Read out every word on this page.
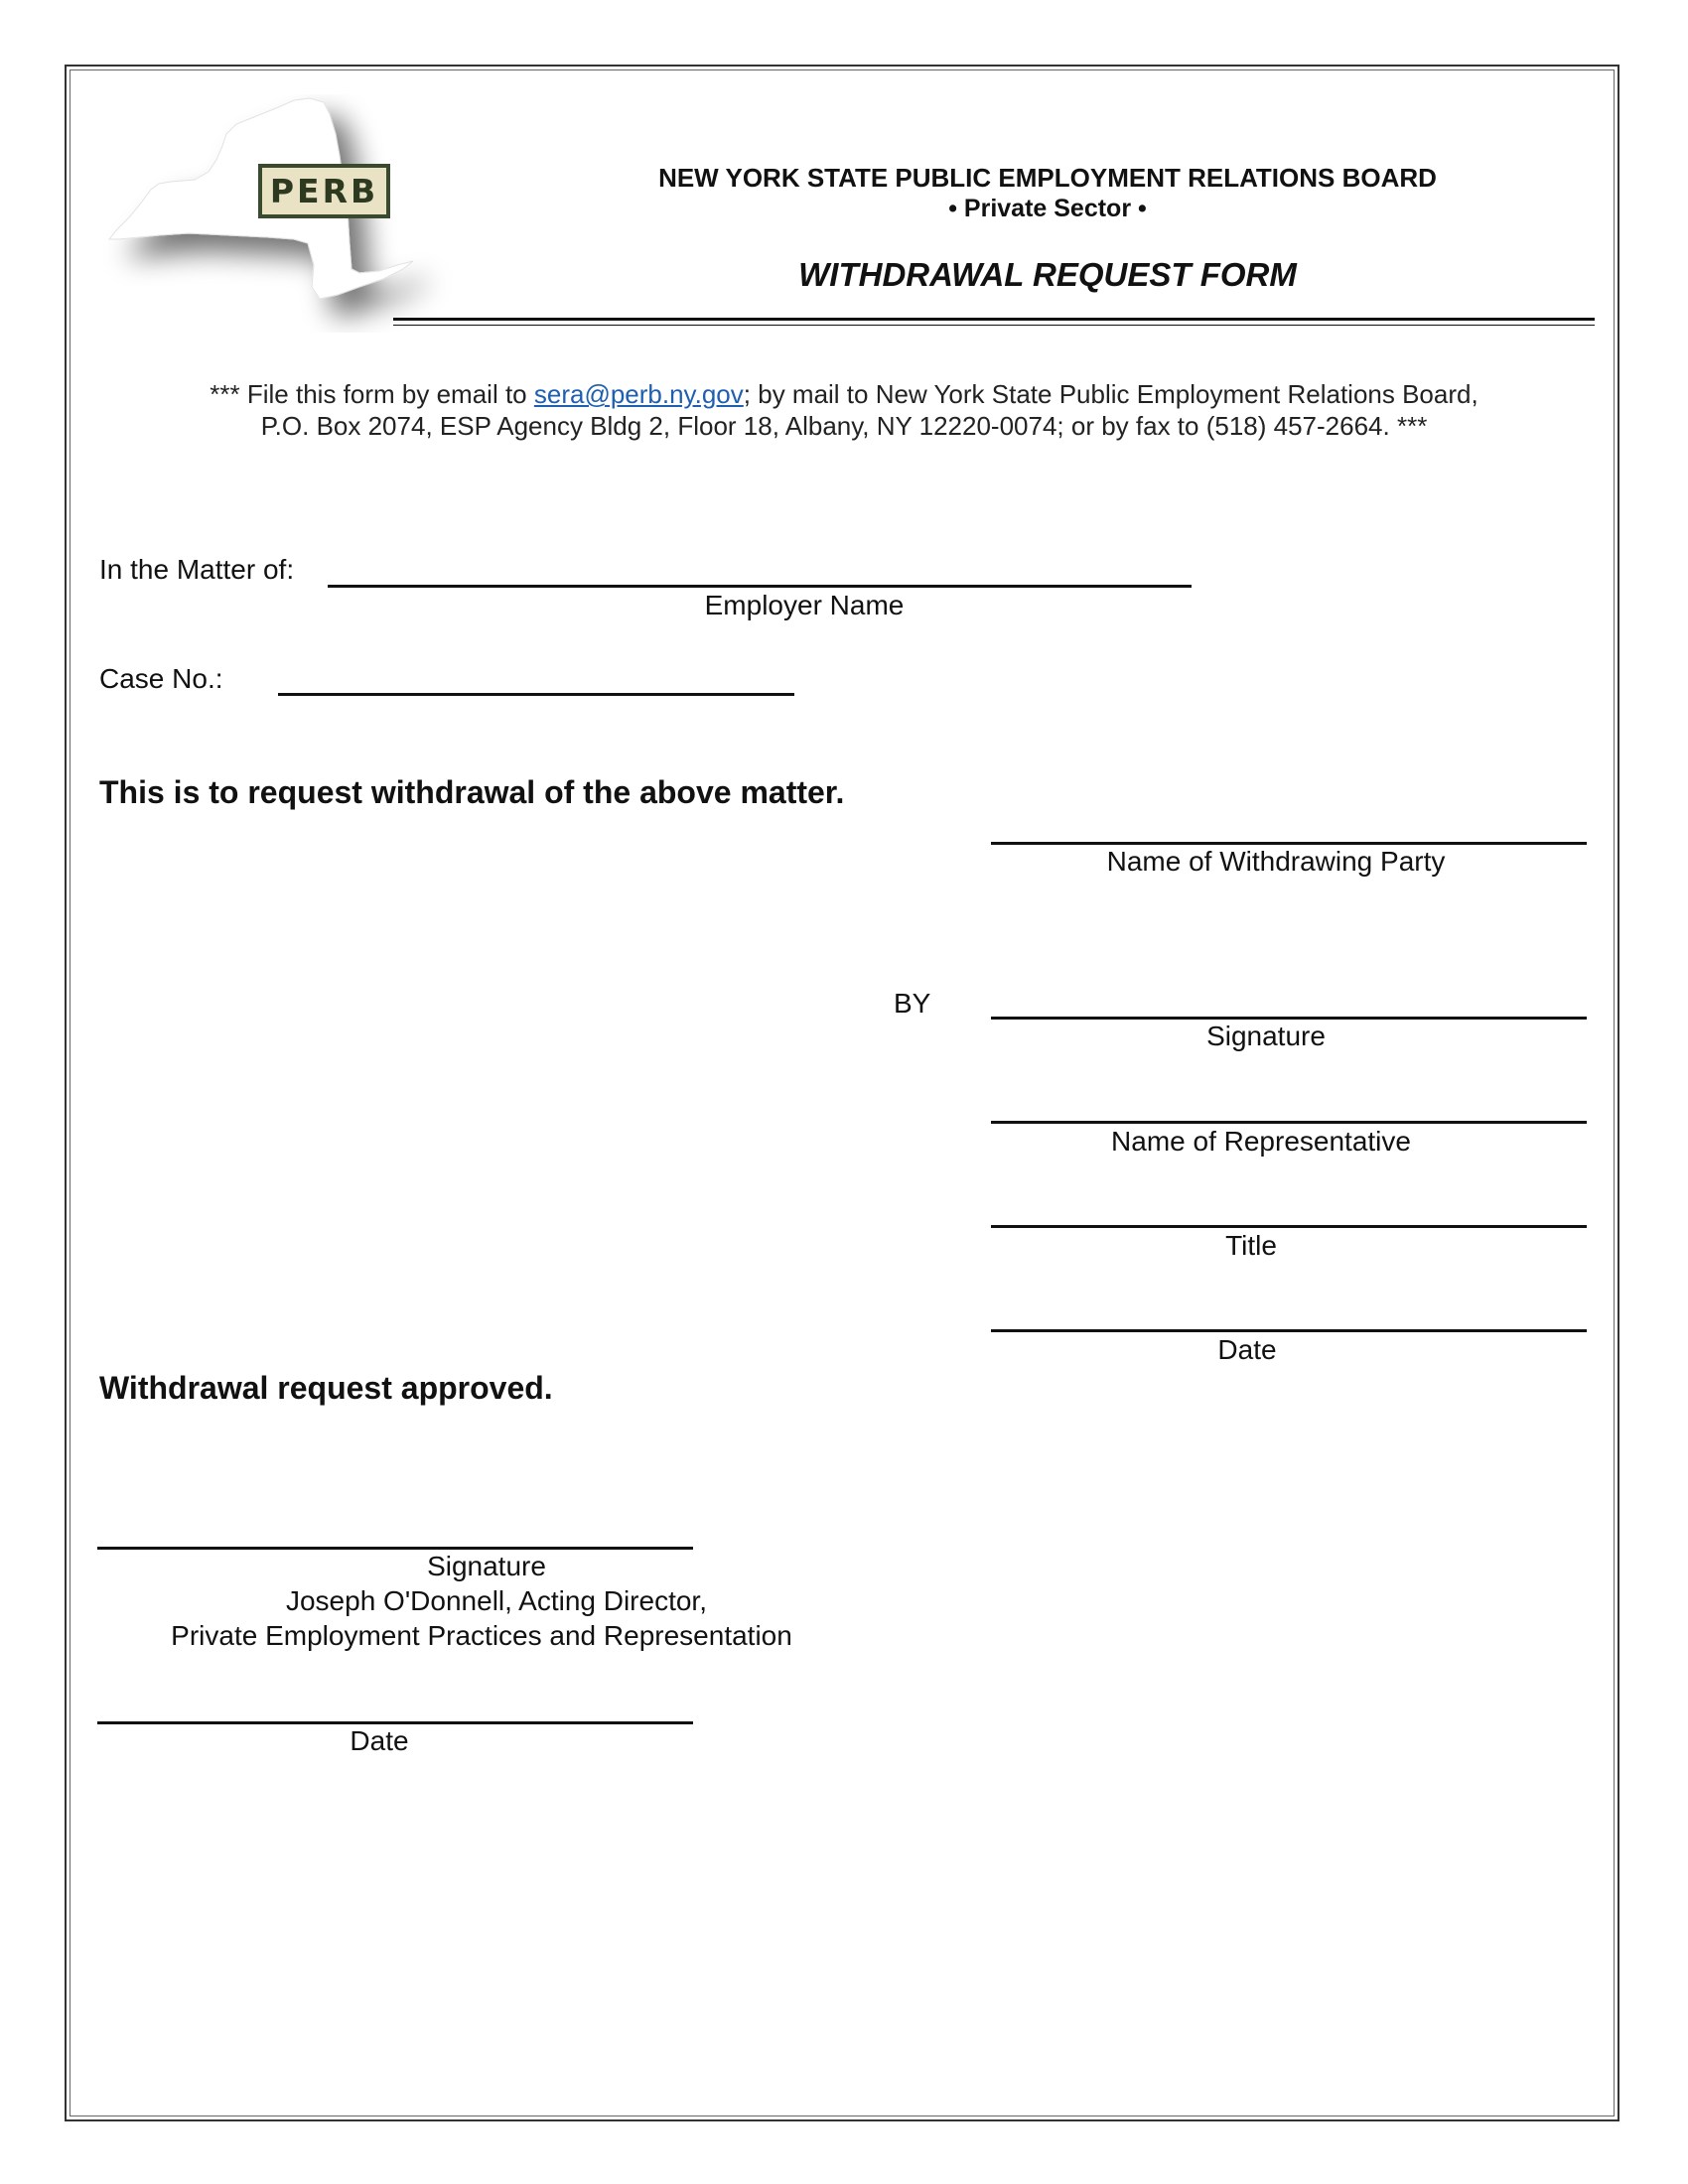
PERB	NEW YORK STATE PUBLIC EMPLOYMENT RELATIONS BOARD
• Private Sector •
WITHDRAWAL REQUEST FORM
*** File this form by email to sera@perb.ny.gov; by mail to New York State Public Employment Relations Board,
P.O. Box 2074, ESP Agency Bldg 2, Floor 18, Albany, NY 12220-0074; or by fax to (518) 457-2664. ***
In the Matter of:
Employer Name
Case No.:
This is to request withdrawal of the above matter.
Name of Withdrawing Party
BY
Signature
Name of Representative
Title
Date
Withdrawal request approved.
Signature
Joseph O'Donnell, Acting Director,
Private Employment Practices and Representation
Date
